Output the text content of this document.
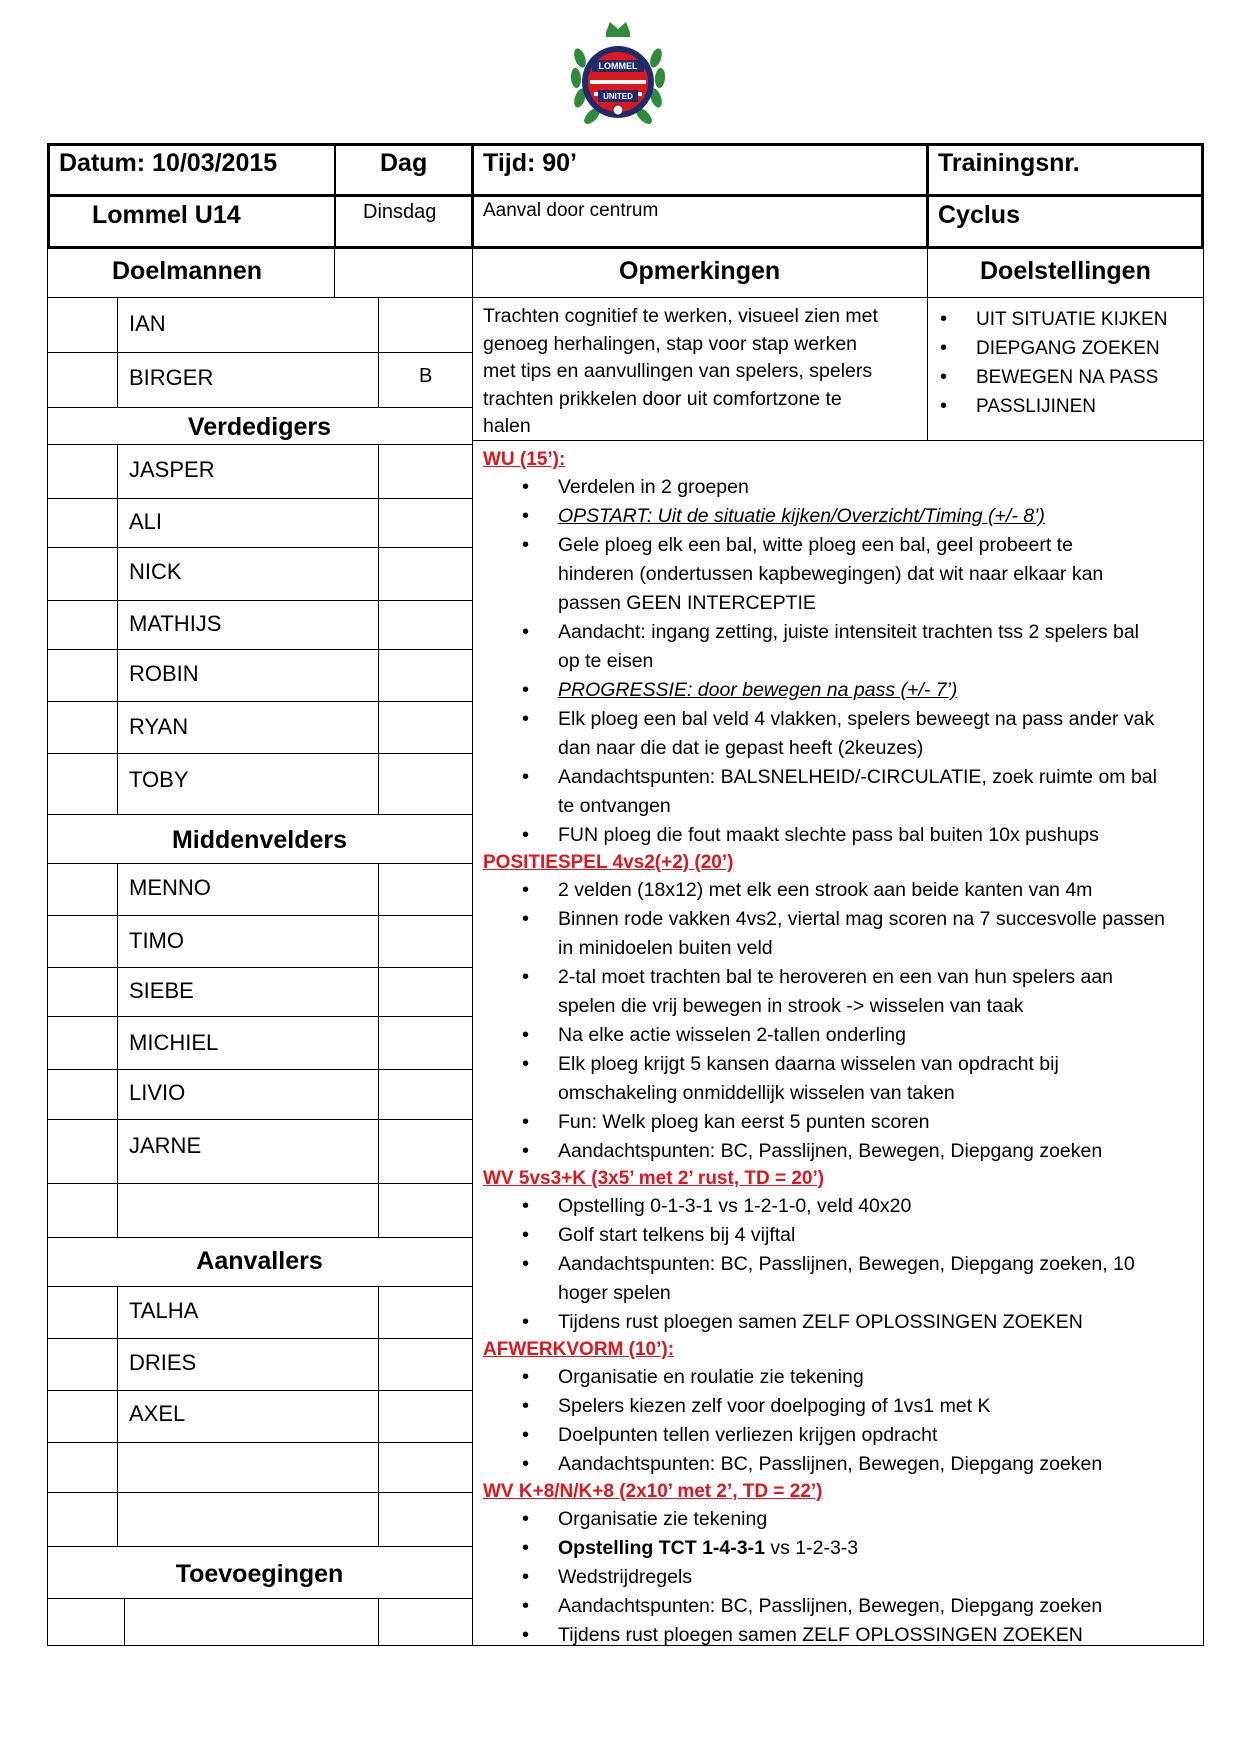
LOMMEL
UNITED
Datum: 10/03/2015	Dag Tijd: 90’	Trainingsnr.
Lommel U14	Dinsdag Aanval door centrum	Cyclus
Doelmannen	Opmerkingen	Doelstellingen
Trachten cognitief te werken, visueel zien met
genoeg herhalingen, stap voor stap werken
met tips en aanvullingen van spelers, spelers
trachten prikkelen door uit comfortzone te
halen
• UIT SITUATIE KIJKEN
• DIEPGANG ZOEKEN
• BEWEGEN NA PASS
• PASSLIJINEN
IAN
BIRGER	B
Verdedigers
JASPER
ALI
NICK
MATHIJS
ROBIN
RYAN
TOBY
Middenvelders
MENNO
TIMO
SIEBE
MICHIEL
LIVIO
JARNE
Aanvallers
TALHA
DRIES
AXEL
Toevoegingen
WU (15’):
• Verdelen in 2 groepen
• OPSTART: Uit de situatie kijken/Overzicht/Timing (+/- 8’)
• Gele ploeg elk een bal, witte ploeg een bal, geel probeert te
hinderen (ondertussen kapbewegingen) dat wit naar elkaar kan
passen GEEN INTERCEPTIE
• Aandacht: ingang zetting, juiste intensiteit trachten tss 2 spelers bal
op te eisen
• PROGRESSIE: door bewegen na pass (+/- 7’)
• Elk ploeg een bal veld 4 vlakken, spelers beweegt na pass ander vak
dan naar die dat ie gepast heeft (2keuzes)
• Aandachtspunten: BALSNELHEID/-CIRCULATIE, zoek ruimte om bal
te ontvangen
• FUN ploeg die fout maakt slechte pass bal buiten 10x pushups
POSITIESPEL 4vs2(+2) (20’)
• 2 velden (18x12) met elk een strook aan beide kanten van 4m
• Binnen rode vakken 4vs2, viertal mag scoren na 7 succesvolle passen
in minidoelen buiten veld
• 2-tal moet trachten bal te heroveren en een van hun spelers aan
spelen die vrij bewegen in strook -> wisselen van taak
• Na elke actie wisselen 2-tallen onderling
• Elk ploeg krijgt 5 kansen daarna wisselen van opdracht bij
omschakeling onmiddellijk wisselen van taken
• Fun: Welk ploeg kan eerst 5 punten scoren
• Aandachtspunten: BC, Passlijnen, Bewegen, Diepgang zoeken
WV 5vs3+K (3x5’ met 2’ rust, TD = 20’)
• Opstelling 0-1-3-1 vs 1-2-1-0, veld 40x20
• Golf start telkens bij 4 vijftal
• Aandachtspunten: BC, Passlijnen, Bewegen, Diepgang zoeken, 10
hoger spelen
• Tijdens rust ploegen samen ZELF OPLOSSINGEN ZOEKEN
AFWERKVORM (10’):
• Organisatie en roulatie zie tekening
• Spelers kiezen zelf voor doelpoging of 1vs1 met K
• Doelpunten tellen verliezen krijgen opdracht
• Aandachtspunten: BC, Passlijnen, Bewegen, Diepgang zoeken
WV K+8/N/K+8 (2x10’ met 2’, TD = 22’)
• Organisatie zie tekening
• Opstelling TCT 1-4-3-1 vs 1-2-3-3
• Wedstrijdregels
• Aandachtspunten: BC, Passlijnen, Bewegen, Diepgang zoeken
• Tijdens rust ploegen samen ZELF OPLOSSINGEN ZOEKEN
